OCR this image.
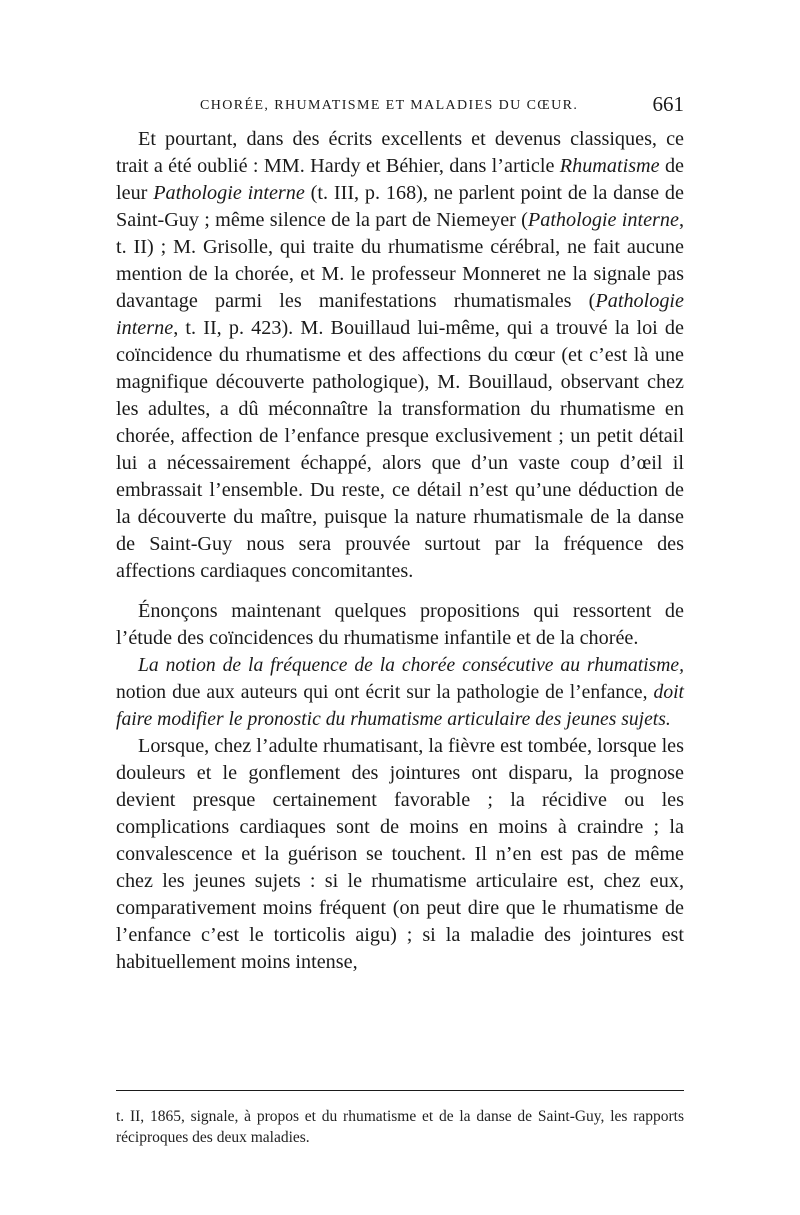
CHORÉE, RHUMATISME ET MALADIES DU CŒUR.	661

Et pourtant, dans des écrits excellents et devenus classiques, ce trait a été oublié : MM. Hardy et Béhier, dans l’article Rhumatisme de leur Pathologie interne (t. III, p. 168), ne parlent point de la danse de Saint-Guy ; même silence de la part de Niemeyer (Pathologie interne, t. II) ; M. Grisolle, qui traite du rhumatisme cérébral, ne fait aucune mention de la chorée, et M. le professeur Monneret ne la signale pas davantage parmi les manifestations rhumatismales (Pathologie interne, t. II, p. 423). M. Bouillaud lui-même, qui a trouvé la loi de coïncidence du rhumatisme et des affections du cœur (et c’est là une magnifique découverte pathologique), M. Bouillaud, observant chez les adultes, a dû méconnaître la transformation du rhumatisme en chorée, affection de l’enfance presque exclusivement ; un petit détail lui a nécessairement échappé, alors que d’un vaste coup d’œil il embrassait l’ensemble. Du reste, ce détail n’est qu’une déduction de la découverte du maître, puisque la nature rhumatismale de la danse de Saint-Guy nous sera prouvée surtout par la fréquence des affections cardiaques concomitantes.

Énonçons maintenant quelques propositions qui ressortent de l’étude des coïncidences du rhumatisme infantile et de la chorée.

La notion de la fréquence de la chorée consécutive au rhumatisme, notion due aux auteurs qui ont écrit sur la pathologie de l’enfance, doit faire modifier le pronostic du rhumatisme articulaire des jeunes sujets.

Lorsque, chez l’adulte rhumatisant, la fièvre est tombée, lorsque les douleurs et le gonflement des jointures ont disparu, la prognose devient presque certainement favorable ; la récidive ou les complications cardiaques sont de moins en moins à craindre ; la convalescence et la guérison se touchent. Il n’en est pas de même chez les jeunes sujets : si le rhumatisme articulaire est, chez eux, comparativement moins fréquent (on peut dire que le rhumatisme de l’enfance c’est le torticolis aigu) ; si la maladie des jointures est habituellement moins intense,

t. II, 1865, signale, à propos et du rhumatisme et de la danse de Saint-Guy, les rapports réciproques des deux maladies.
